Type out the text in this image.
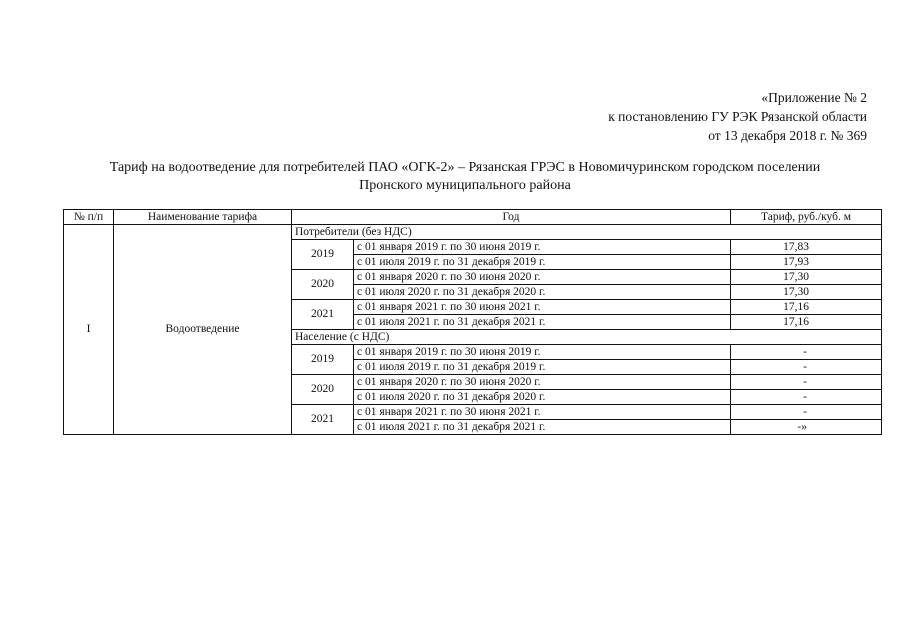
«Приложение № 2
к постановлению ГУ РЭК Рязанской области
от 13 декабря 2018 г. № 369
Тариф на водоотведение для потребителей ПАО «ОГК-2» – Рязанская ГРЭС в Новомичуринском городском поселении
Пронского муниципального района
№ п/п	Наименование тарифа	Год		Тариф, руб./куб. м
I	Водоотведение	Потребители (без НДС)		
		2019	с 01 января 2019 г. по 30 июня 2019 г.	17,83
			с 01 июля 2019 г. по 31 декабря 2019 г.	17,93
		2020	с 01 января 2020 г. по 30 июня 2020 г.	17,30
			с 01 июля 2020 г. по 31 декабря 2020 г.	17,30
		2021	с 01 января 2021 г. по 30 июня 2021 г.	17,16
			с 01 июля 2021 г. по 31 декабря 2021 г.	17,16
		Население (с НДС)		
		2019	с 01 января 2019 г. по 30 июня 2019 г.	-
			с 01 июля 2019 г. по 31 декабря 2019 г.	-
		2020	с 01 января 2020 г. по 30 июня 2020 г.	-
			с 01 июля 2020 г. по 31 декабря 2020 г.	-
		2021	с 01 января 2021 г. по 30 июня 2021 г.	-
			с 01 июля 2021 г. по 31 декабря 2021 г.	-»
